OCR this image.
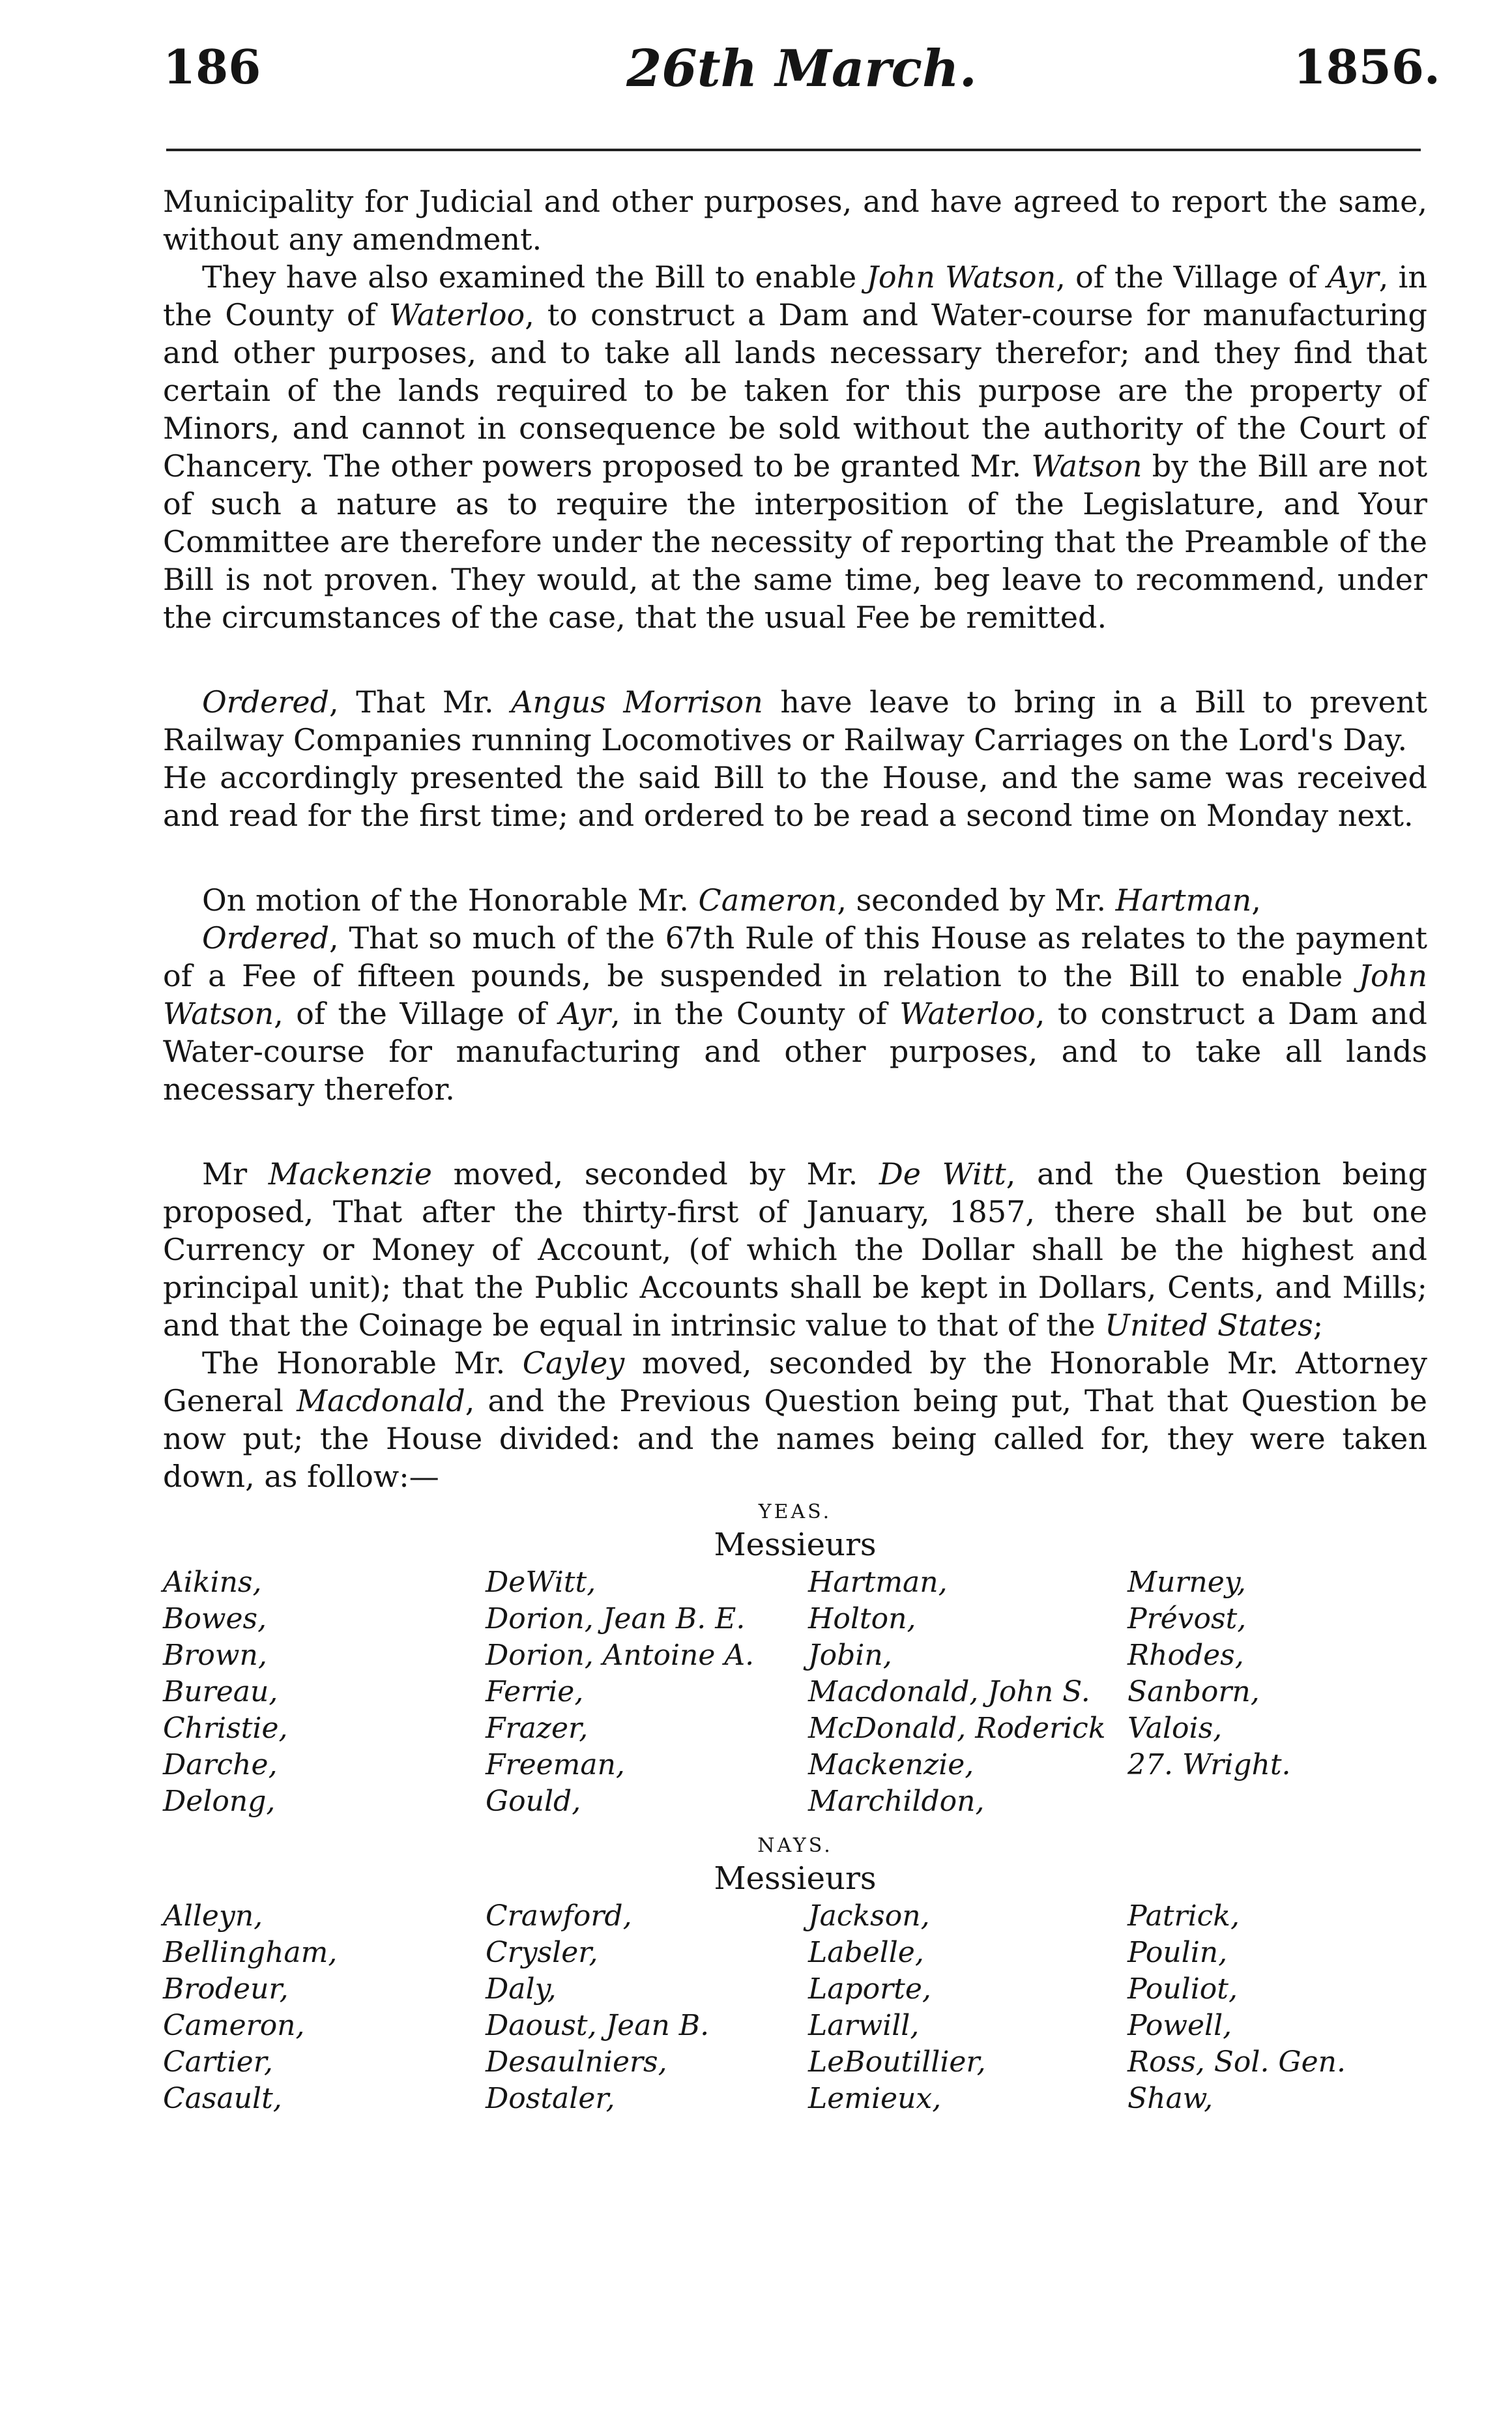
186	26th March.	1856.

Municipality for Judicial and other purposes, and have agreed to report the same, without any amendment.

They have also examined the Bill to enable John Watson, of the Village of Ayr, in the County of Waterloo, to construct a Dam and Water-course for manufacturing and other purposes, and to take all lands necessary therefor; and they find that certain of the lands required to be taken for this purpose are the property of Minors, and cannot in consequence be sold without the authority of the Court of Chancery. The other powers proposed to be granted Mr. Watson by the Bill are not of such a nature as to require the interposition of the Legislature, and Your Committee are therefore under the necessity of reporting that the Preamble of the Bill is not proven. They would, at the same time, beg leave to recommend, under the circumstances of the case, that the usual Fee be remitted.

Ordered, That Mr. Angus Morrison have leave to bring in a Bill to prevent Railway Companies running Locomotives or Railway Carriages on the Lord's Day.

He accordingly presented the said Bill to the House, and the same was received and read for the first time; and ordered to be read a second time on Monday next.

On motion of the Honorable Mr. Cameron, seconded by Mr. Hartman,

Ordered, That so much of the 67th Rule of this House as relates to the payment of a Fee of fifteen pounds, be suspended in relation to the Bill to enable John Watson, of the Village of Ayr, in the County of Waterloo, to construct a Dam and Water-course for manufacturing and other purposes, and to take all lands necessary therefor.

Mr Mackenzie moved, seconded by Mr. De Witt, and the Question being proposed, That after the thirty-first of January, 1857, there shall be but one Currency or Money of Account, (of which the Dollar shall be the highest and principal unit); that the Public Accounts shall be kept in Dollars, Cents, and Mills; and that the Coinage be equal in intrinsic value to that of the United States;

The Honorable Mr. Cayley moved, seconded by the Honorable Mr. Attorney General Macdonald, and the Previous Question being put, That that Question be now put; the House divided: and the names being called for, they were taken down, as follow:—

YEAS.
Messieurs
Aikins,
Bowes,
Brown,
Bureau,
Christie,
Darche,
Delong,
DeWitt,
Dorion, Jean B. E.
Dorion, Antoine A.
Ferrie,
Frazer,
Freeman,
Gould,
Hartman,
Holton,
Jobin,
Macdonald, John S.
McDonald, Roderick
Mackenzie,
Marchildon,
Murney,
Prévost,
Rhodes,
Sanborn,
Valois,
27. Wright.
NAYS.
Messieurs
Alleyn,
Bellingham,
Brodeur,
Cameron,
Cartier,
Casault,
Crawford,
Crysler,
Daly,
Daoust, Jean B.
Desaulniers,
Dostaler,
Jackson,
Labelle,
Laporte,
Larwill,
LeBoutillier,
Lemieux,
Patrick,
Poulin,
Pouliot,
Powell,
Ross, Sol. Gen.
Shaw,
